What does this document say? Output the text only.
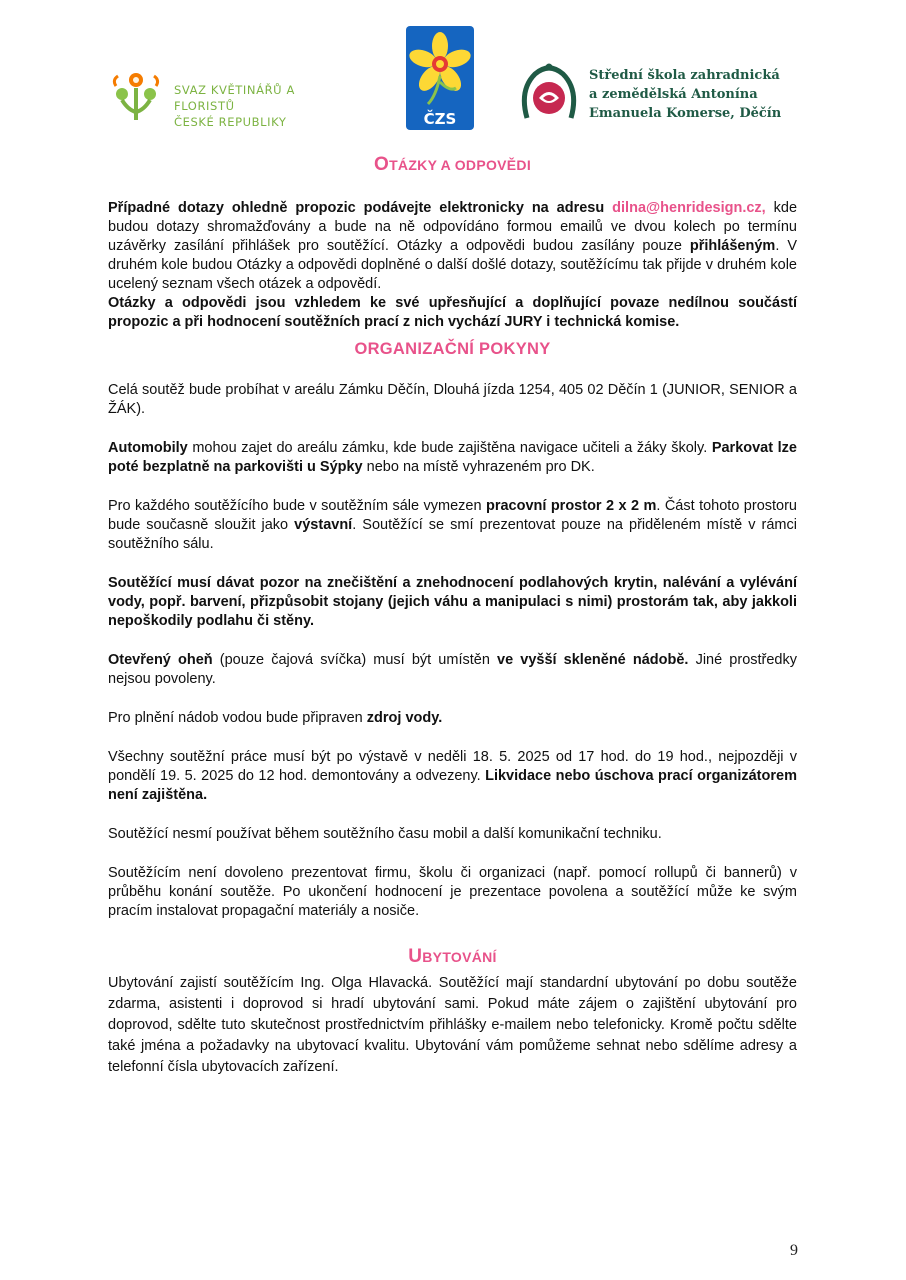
SVAZ KVĚTINÁŘŮ A FLORISTŮ
ČESKÉ REPUBLIKY	ČZS
Střední škola zahradnická
a zemědělská Antonína
Emanuela Komerse, Děčín
OTÁZKY A ODPOVĚDI

Případné dotazy ohledně propozic podávejte elektronicky na adresu dilna@henridesign.cz, kde budou dotazy shromažďovány a bude na ně odpovídáno formou emailů ve dvou kolech po termínu uzávěrky zasílání přihlášek pro soutěžící. Otázky a odpovědi budou zasílány pouze přihlášeným. V druhém kole budou Otázky a odpovědi doplněné o další došlé dotazy, soutěžícímu tak přijde v druhém kole ucelený seznam všech otázek a odpovědí.

Otázky a odpovědi jsou vzhledem ke své upřesňující a doplňující povaze nedílnou součástí propozic a při hodnocení soutěžních prací z nich vychází JURY i technická komise.

ORGANIZAČNÍ POKYNY

Celá soutěž bude probíhat v areálu Zámku Děčín, Dlouhá jízda 1254, 405 02 Děčín 1 (JUNIOR, SENIOR a ŽÁK).

Automobily mohou zajet do areálu zámku, kde bude zajištěna navigace učiteli a žáky školy. Parkovat lze poté bezplatně na parkovišti u Sýpky nebo na místě vyhrazeném pro DK.

Pro každého soutěžícího bude v soutěžním sále vymezen pracovní prostor 2 x 2 m. Část tohoto prostoru bude současně sloužit jako výstavní. Soutěžící se smí prezentovat pouze na přiděleném místě v rámci soutěžního sálu.

Soutěžící musí dávat pozor na znečištění a znehodnocení podlahových krytin, nalévání a vylévání vody, popř. barvení, přizpůsobit stojany (jejich váhu a manipulaci s nimi) prostorám tak, aby jakkoli nepoškodily podlahu či stěny.

Otevřený oheň (pouze čajová svíčka) musí být umístěn ve vyšší skleněné nádobě. Jiné prostředky nejsou povoleny.

Pro plnění nádob vodou bude připraven zdroj vody.

Všechny soutěžní práce musí být po výstavě v neděli 18. 5. 2025 od 17 hod. do 19 hod., nejpozději v pondělí 19. 5. 2025 do 12 hod. demontovány a odvezeny. Likvidace nebo úschova prací organizátorem není zajištěna.

Soutěžící nesmí používat během soutěžního času mobil a další komunikační techniku.

Soutěžícím není dovoleno prezentovat firmu, školu či organizaci (např. pomocí rollupů či bannerů) v průběhu konání soutěže. Po ukončení hodnocení je prezentace povolena a soutěžící může ke svým pracím instalovat propagační materiály a nosiče.

UBYTOVÁNÍ

Ubytování zajistí soutěžícím Ing. Olga Hlavacká. Soutěžící mají standardní ubytování po dobu soutěže zdarma, asistenti i doprovod si hradí ubytování sami. Pokud máte zájem o zajištění ubytování pro doprovod, sdělte tuto skutečnost prostřednictvím přihlášky e-mailem nebo telefonicky. Kromě počtu sdělte také jména a požadavky na ubytovací kvalitu. Ubytování vám pomůžeme sehnat nebo sdělíme adresy a telefonní čísla ubytovacích zařízení.

9
